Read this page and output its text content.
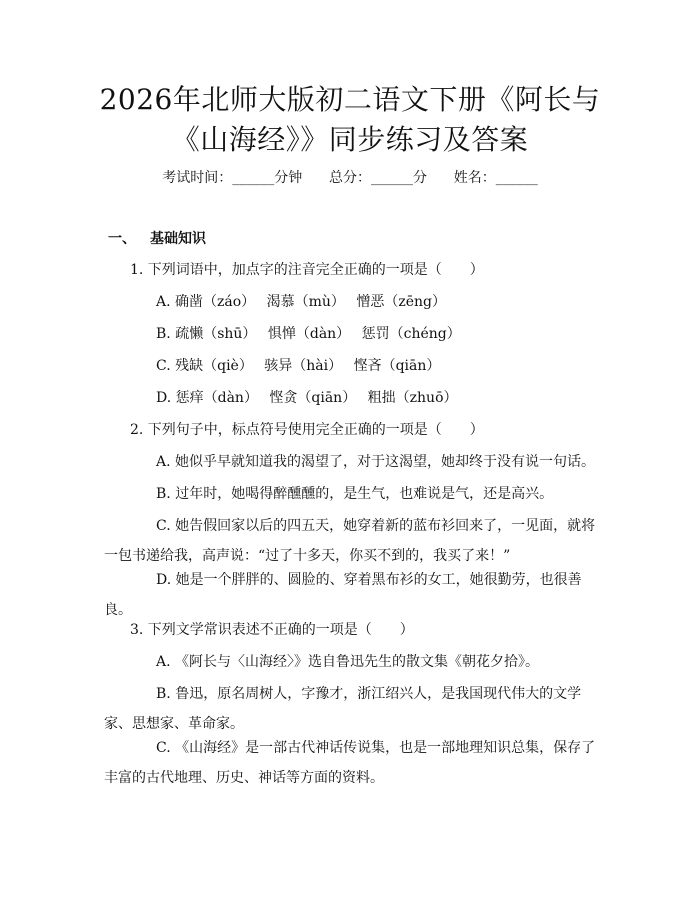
2026年北师大版初二语文下册《阿长与《山海经》》同步练习及答案
考试时间：______分钟      总分：______分      姓名：______
一、 基础知识
1. 下列词语中，加点字的注音完全正确的一项是（　　）
A. 确凿（záo）　 渴慕（mù）　 憎恶（zēng）
B. 疏懒（shū）　 惧惮（dàn）　 惩罚（chéng）
C. 残缺（qiè）　 骇异（hài）　 悭吝（qiān）
D. 惩痒（dàn）　 悭贪（qiān）　 粗拙（zhuō）
2. 下列句子中，标点符号使用完全正确的一项是（　　）
A. 她似乎早就知道我的渴望了，对于这渴望，她却终于没有说一句话。
B. 过年时，她喝得醉醺醺的，是生气，也难说是气，还是高兴。
C. 她告假回家以后的四五天，她穿着新的蓝布衫回来了，一见面，就将一包书递给我，高声说：“过了十多天，你买不到的，我买了来！”
D. 她是一个胖胖的、圆脸的、穿着黑布衫的女工，她很勤劳，也很善良。
3. 下列文学常识表述不正确的一项是（　　）
A. 《阿长与〈山海经〉》选自鲁迅先生的散文集《朝花夕拾》。
B. 鲁迅，原名周树人，字豫才，浙江绍兴人，是我国现代伟大的文学家、思想家、革命家。
C. 《山海经》是一部古代神话传说集，也是一部地理知识总集，保存了丰富的古代地理、历史、神话等方面的资料。
